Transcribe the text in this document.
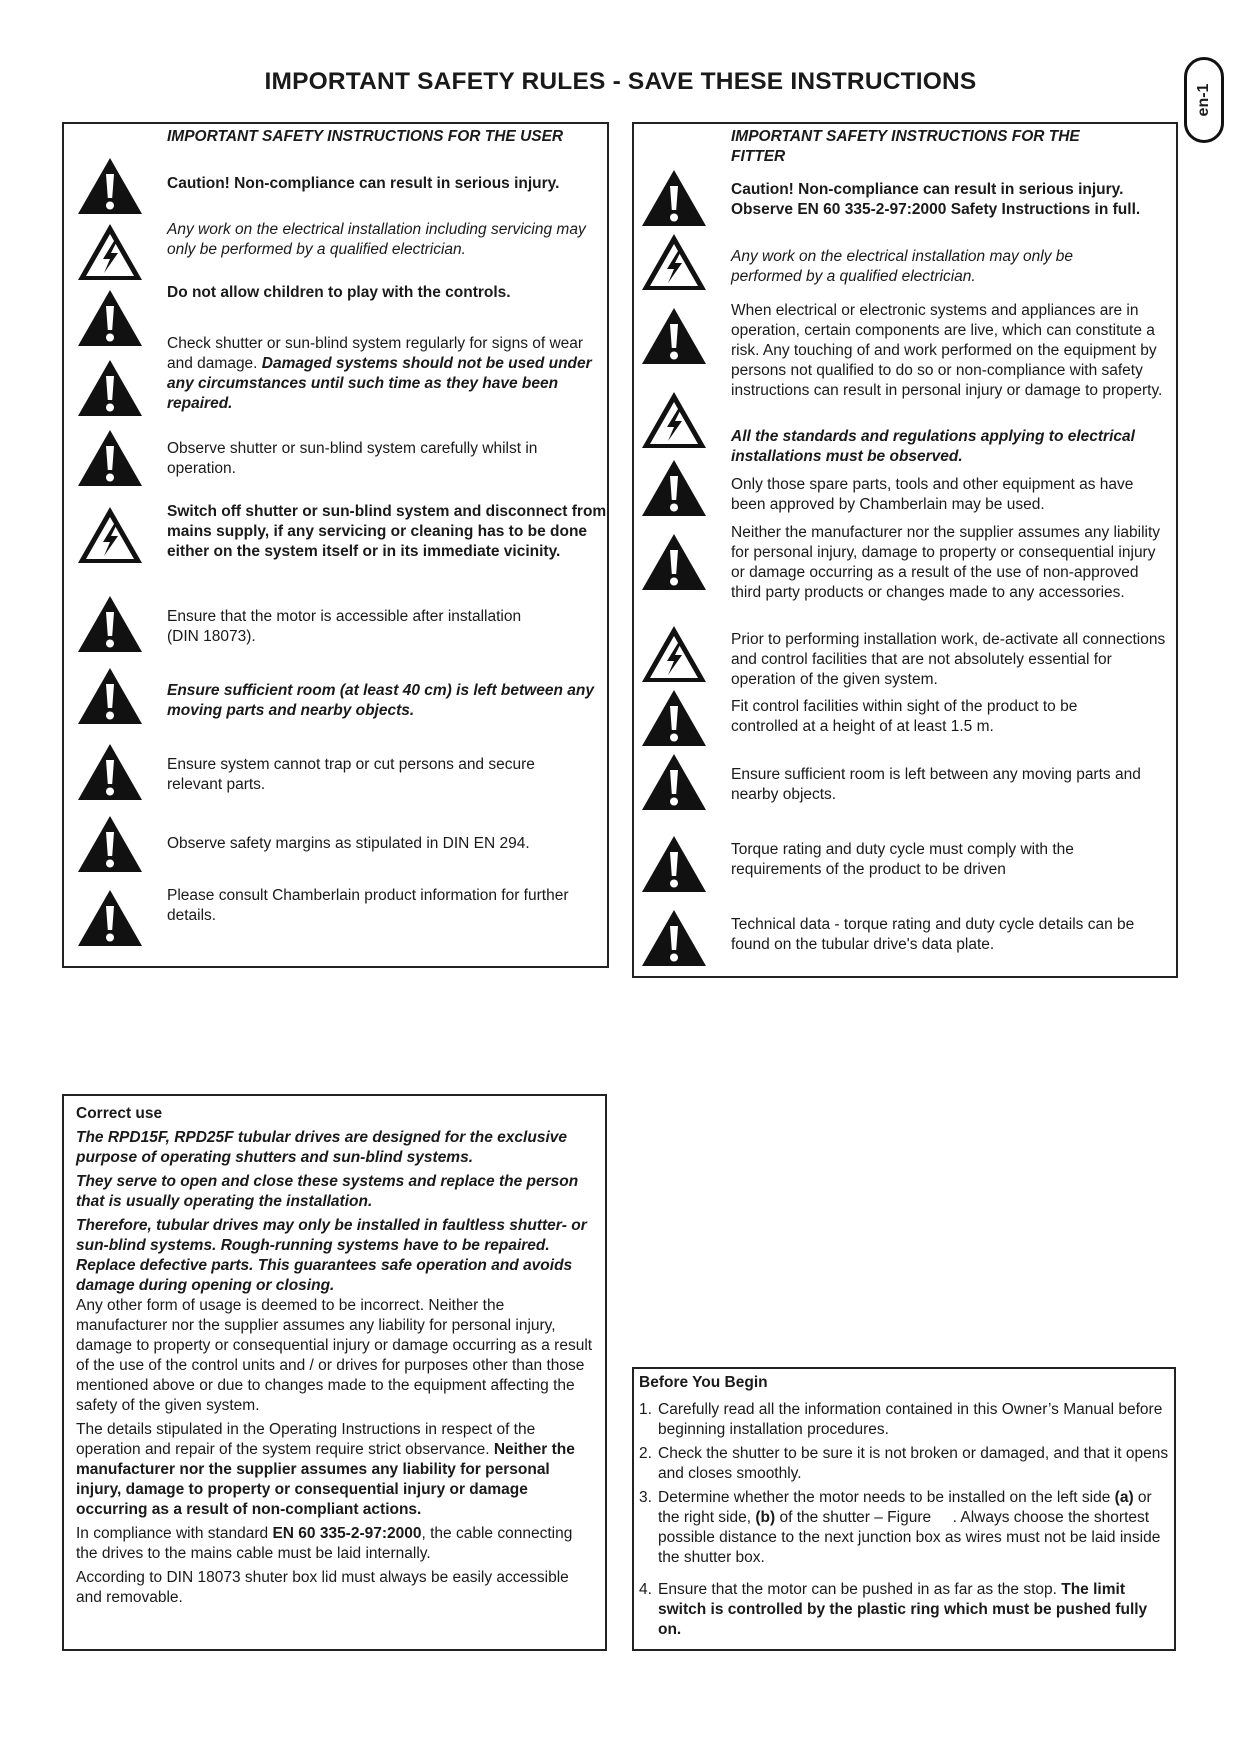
IMPORTANT SAFETY RULES - SAVE THESE INSTRUCTIONS
en-1
IMPORTANT SAFETY INSTRUCTIONS FOR THE USER
Caution! Non-compliance can result in serious injury.
Any work on the electrical installation including servicing may only be performed by a qualified electrician.
Do not allow children to play with the controls.
Check shutter or sun-blind system regularly for signs of wear and damage. Damaged systems should not be used under any circumstances until such time as they have been repaired.
Observe shutter or sun-blind system carefully whilst in operation.
Switch off shutter or sun-blind system and disconnect from mains supply, if any servicing or cleaning has to be done either on the system itself or in its immediate vicinity.
Ensure that the motor is accessible after installation (DIN 18073).
Ensure sufficient room (at least 40 cm) is left between any moving parts and nearby objects.
Ensure system cannot trap or cut persons and secure relevant parts.
Observe safety margins as stipulated in DIN EN 294.
Please consult Chamberlain product information for further details.
IMPORTANT SAFETY INSTRUCTIONS FOR THE FITTER
Caution! Non-compliance can result in serious injury. Observe EN 60 335-2-97:2000 Safety Instructions in full.
Any work on the electrical installation may only be performed by a qualified electrician.
When electrical or electronic systems and appliances are in operation, certain components are live, which can constitute a risk. Any touching of and work performed on the equipment by persons not qualified to do so or non-compliance with safety instructions can result in personal injury or damage to property.
All the standards and regulations applying to electrical installations must be observed.
Only those spare parts, tools and other equipment as have been approved by Chamberlain may be used.
Neither the manufacturer nor the supplier assumes any liability for personal injury, damage to property or consequential injury or damage occurring as a result of the use of non-approved third party products or changes made to any accessories.
Prior to performing installation work, de-activate all connections and control facilities that are not absolutely essential for operation of the given system.
Fit control facilities within sight of the product to be controlled at a height of at least 1.5 m.
Ensure sufficient room is left between any moving parts and nearby objects.
Torque rating and duty cycle must comply with the requirements of the product to be driven
Technical data - torque rating and duty cycle details can be found on the tubular drive's data plate.

Correct use

The RPD15F, RPD25F tubular drives are designed for the exclusive purpose of operating shutters and sun-blind systems.

They serve to open and close these systems and replace the person that is usually operating the installation.

Therefore, tubular drives may only be installed in faultless shutter- or sun-blind systems. Rough-running systems have to be repaired. Replace defective parts. This guarantees safe operation and avoids damage during opening or closing.

Any other form of usage is deemed to be incorrect. Neither the manufacturer nor the supplier assumes any liability for personal injury, damage to property or consequential injury or damage occurring as a result of the use of the control units and / or drives for purposes other than those mentioned above or due to changes made to the equipment affecting the safety of the given system.

The details stipulated in the Operating Instructions in respect of the operation and repair of the system require strict observance. Neither the manufacturer nor the supplier assumes any liability for personal injury, damage to property or consequential injury or damage occurring as a result of non-compliant actions.

In compliance with standard EN 60 335-2-97:2000, the cable connecting the drives to the mains cable must be laid internally.

According to DIN 18073 shuter box lid must always be easily accessible and removable.

Before You Begin

1. Carefully read all the information contained in this Owner’s Manual before beginning installation procedures.
2. Check the shutter to be sure it is not broken or damaged, and that it opens and closes smoothly.
3. Determine whether the motor needs to be installed on the left side (a) or the right side, (b) of the shutter – Figure     . Always choose the shortest possible distance to the next junction box as wires must not be laid inside the shutter box.
4. Ensure that the motor can be pushed in as far as the stop. The limit switch is controlled by the plastic ring which must be pushed fully on.
